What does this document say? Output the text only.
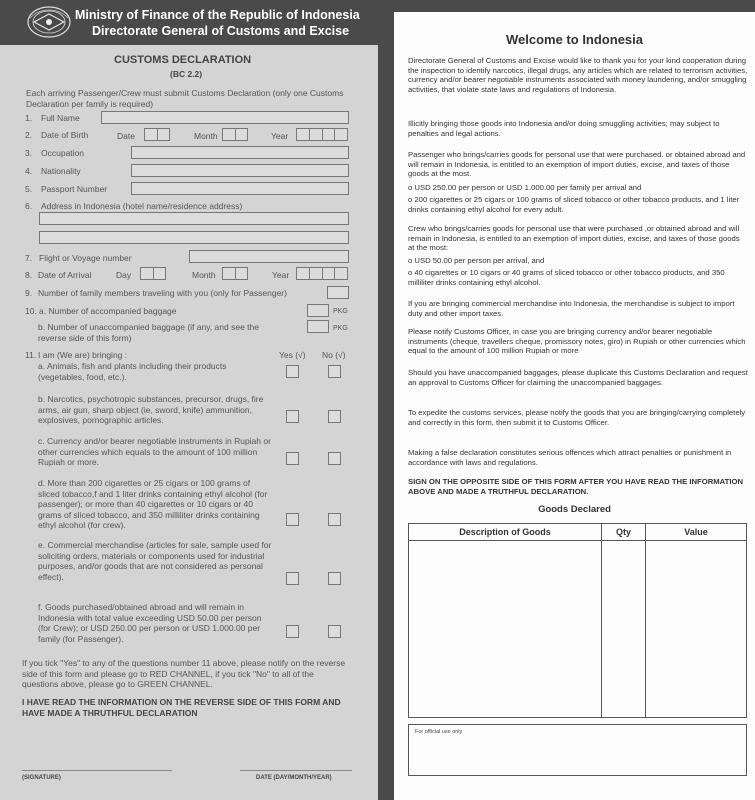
Ministry of Finance of the Republic of Indonesia
Directorate General of Customs and Excise
CUSTOMS DECLARATION
(BC 2.2)
Each arriving Passenger/Crew must submit Customs Declaration (only one Customs Declaration per family is required)
1. Full Name
2. Date of Birth	Date	Month	Year
3. Occupation
4. Nationality
5. Passport Number
6. Address in Indonesia (hotel name/residence address)
7. Flight or Voyage number
8. Date of Arrival	Day	Month	Year
9. Number of family members traveling with you (only for Passenger)
10. a. Number of accompanied baggage	PKG
b. Number of unaccompanied baggage (if any, and see the reverse side of this form)
PKG
11. I am (We are) bringing :	Yes (√) No (√)
a. Animals, fish and plants including their products (vegetables, food, etc.).
b. Narcotics, psychotropic substances, precursor, drugs, fire arms, air gun, sharp object (ie, sword, knife) ammunition, explosives, pornographic articles.
c. Currency and/or bearer negotiable instruments in Rupiah or other currencies which equals to the amount of 100 million Rupiah or more.
d. More than 200 cigarettes or 25 cigars or 100 grams of sliced tobacco,f and 1 liter drinks containing ethyl alcohol (for passenger); or more than 40 cigarettes or 10 cigars or 40 grams of sliced tobacco, and 350 milliliter drinks containing ethyl alcohol (for crew).
e. Commercial merchandise (articles for sale, sample used for soliciting orders, materials or components used for industrial purposes, and/or goods that are not considered as personal effect).
f. Goods purchased/obtained abroad and will remain in Indonesia with total value exceeding USD 50.00 per person (for Crew); or USD 250.00 per person or USD 1.000.00 per family (for Passenger).
If you tick "Yes" to any of the questions number 11 above, please notify on the reverse side of this form and please go to RED CHANNEL, if you tick "No" to all of the questions above, please go to GREEN CHANNEL.
I HAVE READ THE INFORMATION ON THE REVERSE SIDE OF THIS FORM AND HAVE MADE A THRUTHFUL DECLARATION
(SIGNATURE)	DATE (DAY/MONTH/YEAR)
Welcome to Indonesia
Directorate General of Customs and Excise would like to thank you for your kind cooperation during the inspection to identify narcotics, illegal drugs, any articles which are related to terrorism activities, currency and/or bearer negotiable instruments associated with money laundering, and/or smuggling activities, that violate state laws and regulations of Indonesia.
Illicitly bringing those goods into Indonesia and/or doing smuggling activities; may subject to penalties and legal actions.
Passenger who brings/carries goods for personal use that were purchased. or obtained abroad and will remain in Indonesia, is entitled to an exemption of import duties, excise, and taxes of those goods at the most.
o USD 250.00 per person or USD 1.000.00 per family per arrival and
o 200 cigarettes or 25 cigars or 100 grams of sliced tobacco or other tobacco products, and 1 liter drinks containing ethyl alcohol for every adult.
Crew who brings/carries goods for personal use that were purchased ,or obtained abroad and will remain in Indonesia, is entitled to an exemption of import duties, excise, and taxes of those goods at the most:
o USD 50.00 per person per arrival, and
o 40 cigarettes or 10 cigars or 40 grams of sliced tobacco or other tobacco products, and 350 milliliter drinks containing ethyl alcohol.
If you are bringing commercial merchandise into Indonesia, the merchandise is subject to import duty and other import taxes.
Please notify Customs Officer, in case you are bringing currency and/or bearer negotiable instruments (cheque, travellers cheque, promissory notes, giro) in Rupiah or other currencies which equal to the amount of 100 million Rupiah or more
Should you have unaccompanied baggages, please duplicate this Customs Declaration and request an approval to Customs Officer for clairning the unaccompanied baggages.
To expedite the customs services, please notify the goods that you are bringing/carrying completely and correctly in this form, then submit it to Customs Officer.
Making a false declaration constitutes serious offences which attract penalties or punishment in accordance with laws and regulations.
SIGN ON THE OPPOSITE SIDE OF THIS FORM AFTER YOU HAVE READ THE INFORMATION ABOVE AND MADE A TRUTHFUL DECLARATION.
Goods Declared
Description of Goods	Qty	Value
For official use only
